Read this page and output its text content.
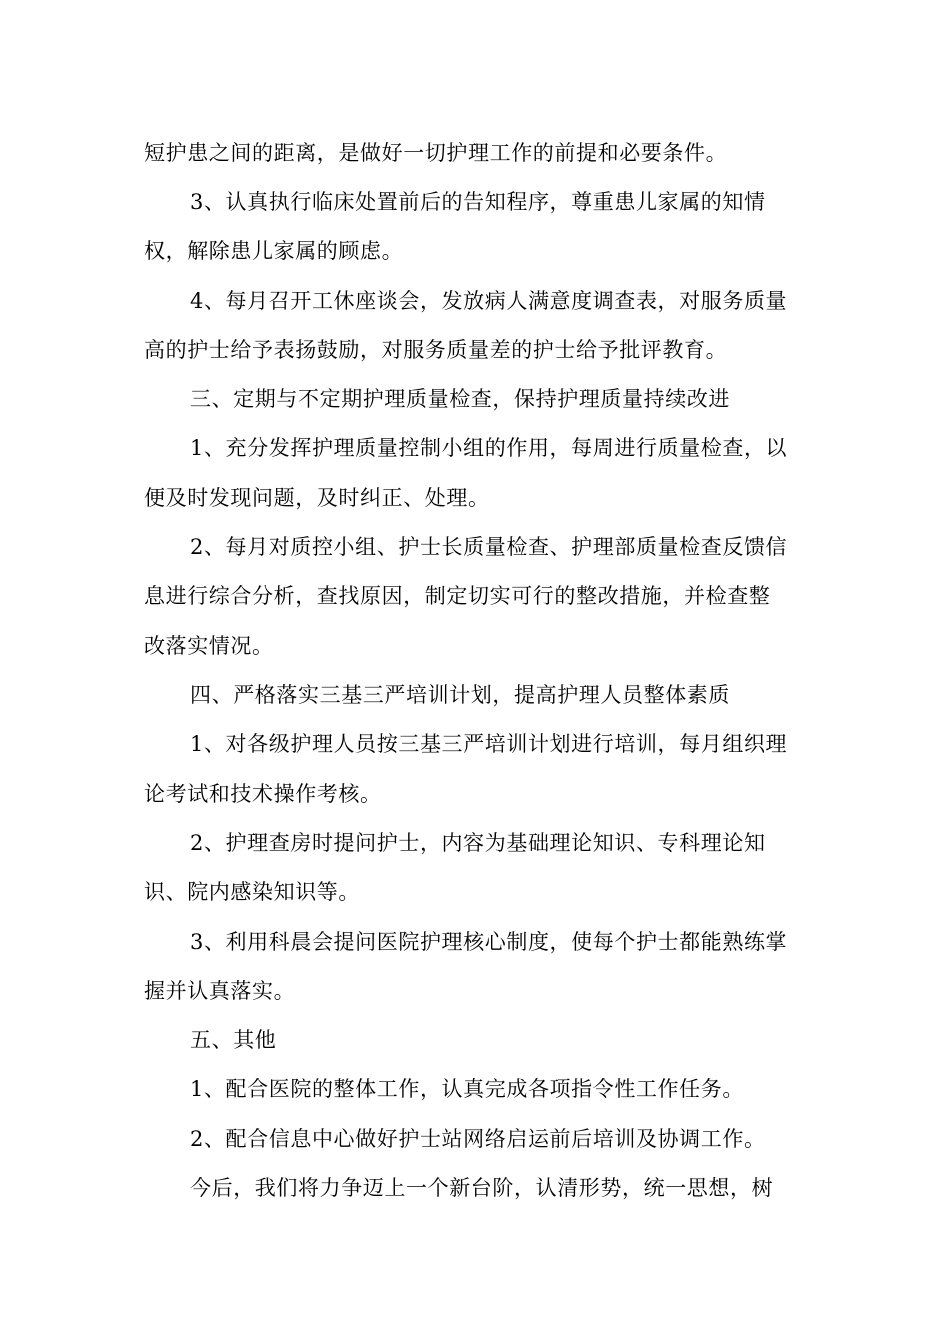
短护患之间的距离，是做好一切护理工作的前提和必要条件。
3、认真执行临床处置前后的告知程序，尊重患儿家属的知情
权，解除患儿家属的顾虑。
4、每月召开工休座谈会，发放病人满意度调查表，对服务质量
高的护士给予表扬鼓励，对服务质量差的护士给予批评教育。
三、定期与不定期护理质量检查，保持护理质量持续改进
1、充分发挥护理质量控制小组的作用，每周进行质量检查，以
便及时发现问题，及时纠正、处理。
2、每月对质控小组、护士长质量检查、护理部质量检查反馈信
息进行综合分析，查找原因，制定切实可行的整改措施，并检查整
改落实情况。
四、严格落实三基三严培训计划，提高护理人员整体素质
1、对各级护理人员按三基三严培训计划进行培训，每月组织理
论考试和技术操作考核。
2、护理查房时提问护士，内容为基础理论知识、专科理论知
识、院内感染知识等。
3、利用科晨会提问医院护理核心制度，使每个护士都能熟练掌
握并认真落实。
五、其他
1、配合医院的整体工作，认真完成各项指令性工作任务。
2、配合信息中心做好护士站网络启运前后培训及协调工作。
今后，我们将力争迈上一个新台阶，认清形势，统一思想，树
